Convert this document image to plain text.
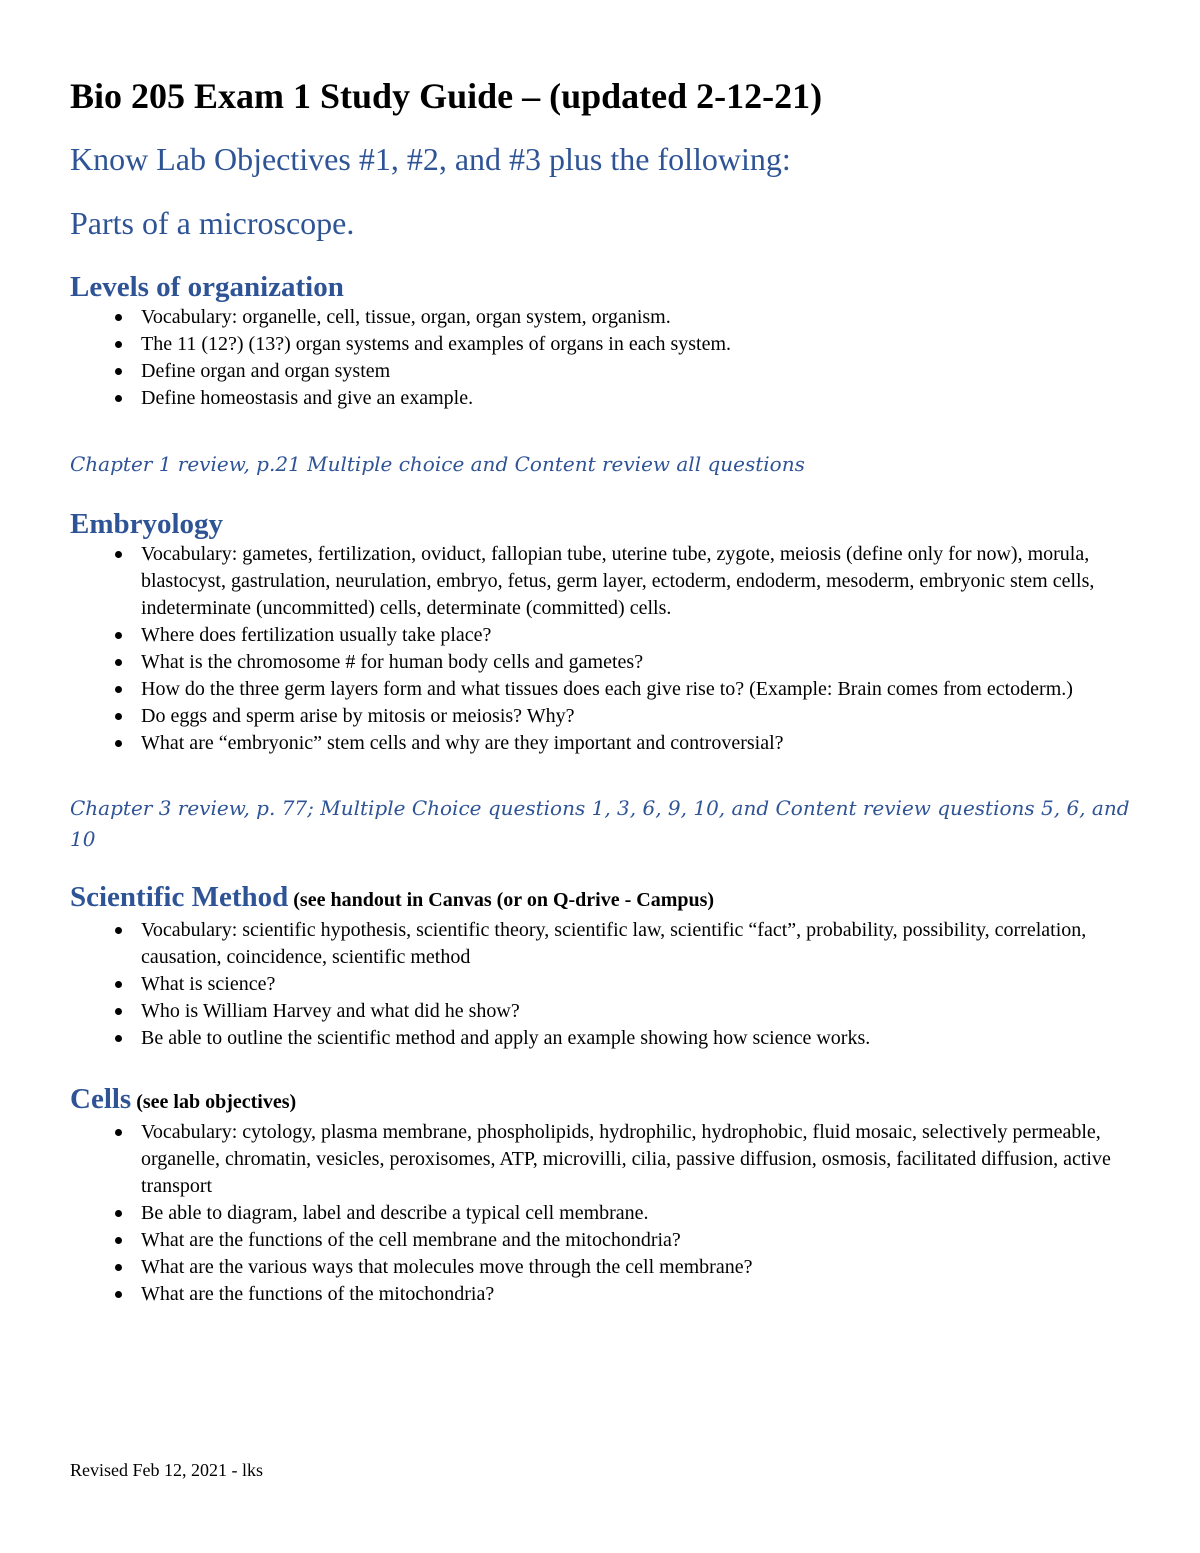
Bio 205 Exam 1 Study Guide – (updated 2-12-21)

Know Lab Objectives #1, #2, and #3 plus the following:

Parts of a microscope.

Levels of organization
Vocabulary: organelle, cell, tissue, organ, organ system, organism.
The 11 (12?) (13?) organ systems and examples of organs in each system.
Define organ and organ system
Define homeostasis and give an example.

Chapter 1 review, p.21 Multiple choice and Content review all questions

Embryology
Vocabulary: gametes, fertilization, oviduct, fallopian tube, uterine tube, zygote, meiosis (define only for now), morula, blastocyst, gastrulation, neurulation, embryo, fetus, germ layer, ectoderm, endoderm, mesoderm, embryonic stem cells, indeterminate (uncommitted) cells, determinate (committed) cells.
Where does fertilization usually take place?
What is the chromosome # for human body cells and gametes?
How do the three germ layers form and what tissues does each give rise to? (Example: Brain comes from ectoderm.)
Do eggs and sperm arise by mitosis or meiosis? Why?
What are “embryonic” stem cells and why are they important and controversial?

Chapter 3 review, p. 77; Multiple Choice questions 1, 3, 6, 9, 10, and Content review questions 5, 6, and 10

Scientific Method (see handout in Canvas (or on Q-drive - Campus)
Vocabulary: scientific hypothesis, scientific theory, scientific law, scientific “fact”, probability, possibility, correlation, causation, coincidence, scientific method
What is science?
Who is William Harvey and what did he show?
Be able to outline the scientific method and apply an example showing how science works.
Cells (see lab objectives)
Vocabulary: cytology, plasma membrane, phospholipids, hydrophilic, hydrophobic, fluid mosaic, selectively permeable, organelle, chromatin, vesicles, peroxisomes, ATP, microvilli, cilia, passive diffusion, osmosis, facilitated diffusion, active transport
Be able to diagram, label and describe a typical cell membrane.
What are the functions of the cell membrane and the mitochondria?
What are the various ways that molecules move through the cell membrane?
What are the functions of the mitochondria?
Revised Feb 12, 2021 - lks
